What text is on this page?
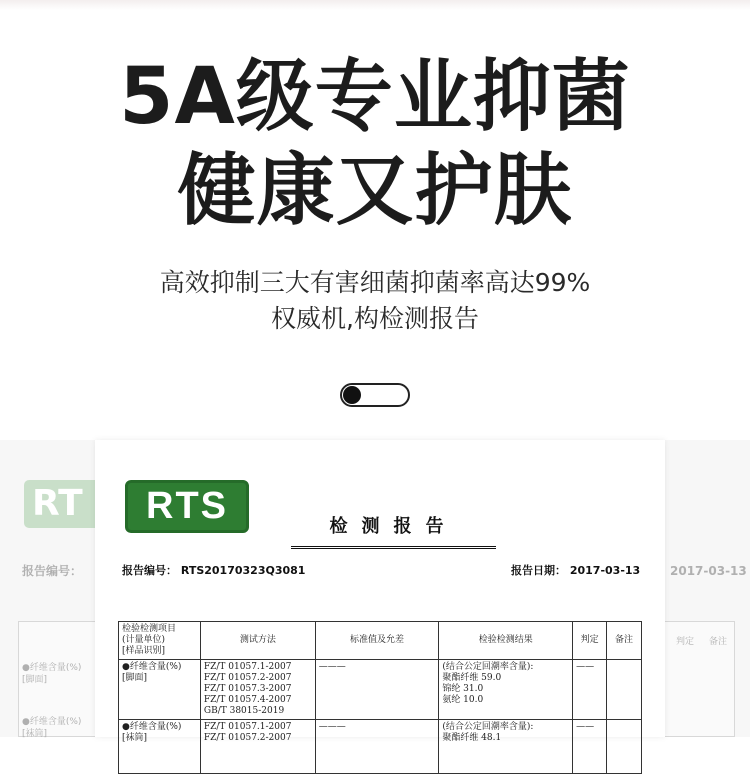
5A级专业抑菌
健康又护肤
高效抑制三大有害细菌抑菌率高达99%
权威机,构检测报告
RT
报告编号：
●纤维含量(%)
[脚面]
●纤维含量(%)
[袜筒]
2017-03-13
判定 备注
RTS	检测报告
报告编号： RTS20170323Q3081	报告日期： 2017-03-13
检验检测项目
(计量单位)
[样品识别]	测试方法	标准值及允差	检验检测结果	判定	备注

●纤维含量(%)
[脚面]	FZ/T 01057.1-2007
FZ/T 01057.2-2007
FZ/T 01057.3-2007
FZ/T 01057.4-2007
GB/T 38015-2019	———	(结合公定回潮率含量):
聚酯纤维 59.0
锦纶 31.0
氨纶 10.0	——	

●纤维含量(%)
[袜筒]	FZ/T 01057.1-2007
FZ/T 01057.2-2007	———	(结合公定回潮率含量):
聚酯纤维 48.1	——	
